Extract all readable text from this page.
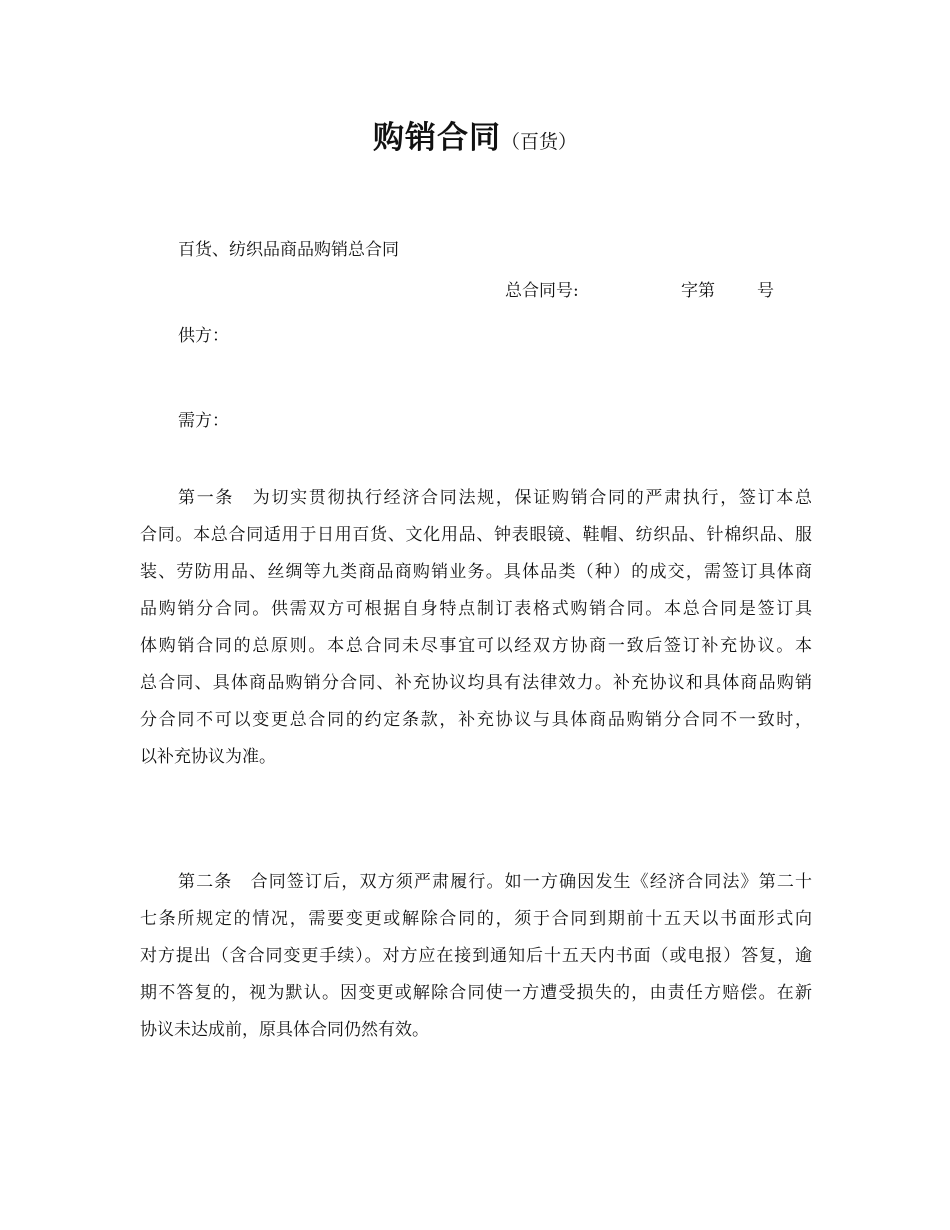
购销合同（百货）
百货、纺织品商品购销总合同
总合同号:	字第 号
供方：
需方：
第一条　为切实贯彻执行经济合同法规，保证购销合同的严肃执行，签订本总
合同。本总合同适用于日用百货、文化用品、钟表眼镜、鞋帽、纺织品、针棉织品、服
装、劳防用品、丝绸等九类商品商购销业务。具体品类（种）的成交，需签订具体商
品购销分合同。供需双方可根据自身特点制订表格式购销合同。本总合同是签订具
体购销合同的总原则。本总合同未尽事宜可以经双方协商一致后签订补充协议。本
总合同、具体商品购销分合同、补充协议均具有法律效力。补充协议和具体商品购销
分合同不可以变更总合同的约定条款，补充协议与具体商品购销分合同不一致时，
以补充协议为准。
第二条　合同签订后，双方须严肃履行。如一方确因发生《经济合同法》第二十
七条所规定的情况，需要变更或解除合同的，须于合同到期前十五天以书面形式向
对方提出（含合同变更手续）。对方应在接到通知后十五天内书面（或电报）答复，逾
期不答复的，视为默认。因变更或解除合同使一方遭受损失的，由责任方赔偿。在新
协议未达成前，原具体合同仍然有效。
